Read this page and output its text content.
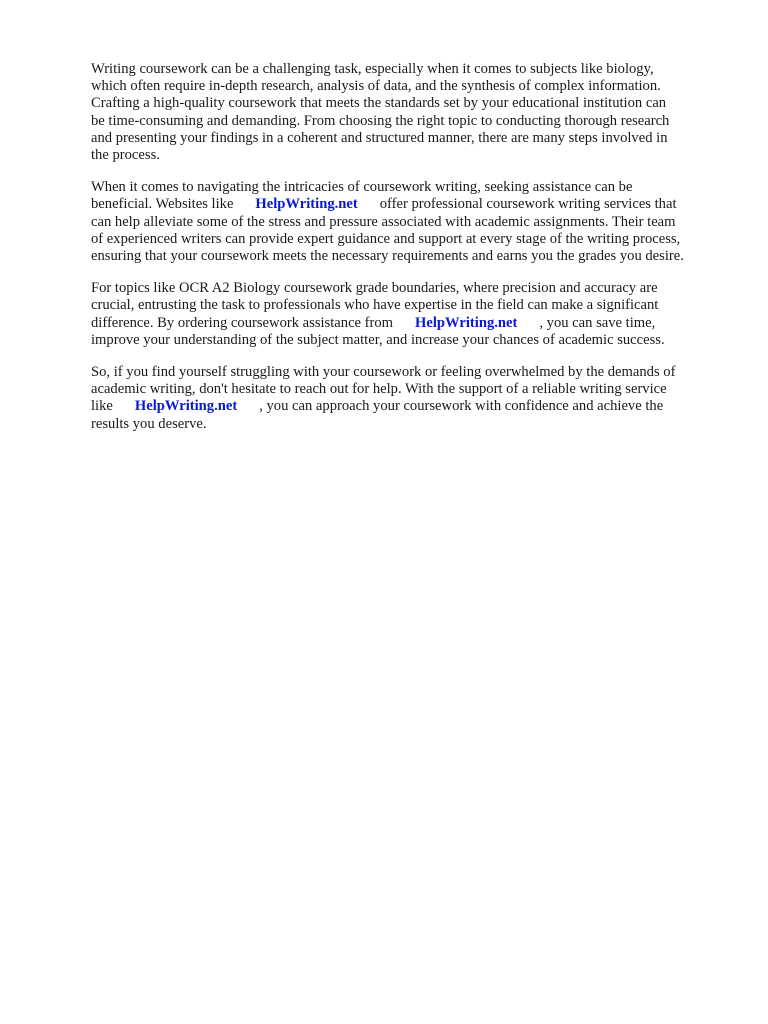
Writing coursework can be a challenging task, especially when it comes to subjects like biology,
which often require in-depth research, analysis of data, and the synthesis of complex information.
Crafting a high-quality coursework that meets the standards set by your educational institution can
be time-consuming and demanding. From choosing the right topic to conducting thorough research
and presenting your findings in a coherent and structured manner, there are many steps involved in
the process.

When it comes to navigating the intricacies of coursework writing, seeking assistance can be
beneficial. Websites like HelpWriting.net offer professional coursework writing services that
can help alleviate some of the stress and pressure associated with academic assignments. Their team
of experienced writers can provide expert guidance and support at every stage of the writing process,
ensuring that your coursework meets the necessary requirements and earns you the grades you desire.

For topics like OCR A2 Biology coursework grade boundaries, where precision and accuracy are
crucial, entrusting the task to professionals who have expertise in the field can make a significant
difference. By ordering coursework assistance from HelpWriting.net , you can save time,
improve your understanding of the subject matter, and increase your chances of academic success.

So, if you find yourself struggling with your coursework or feeling overwhelmed by the demands of
academic writing, don't hesitate to reach out for help. With the support of a reliable writing service
like HelpWriting.net , you can approach your coursework with confidence and achieve the
results you deserve.
